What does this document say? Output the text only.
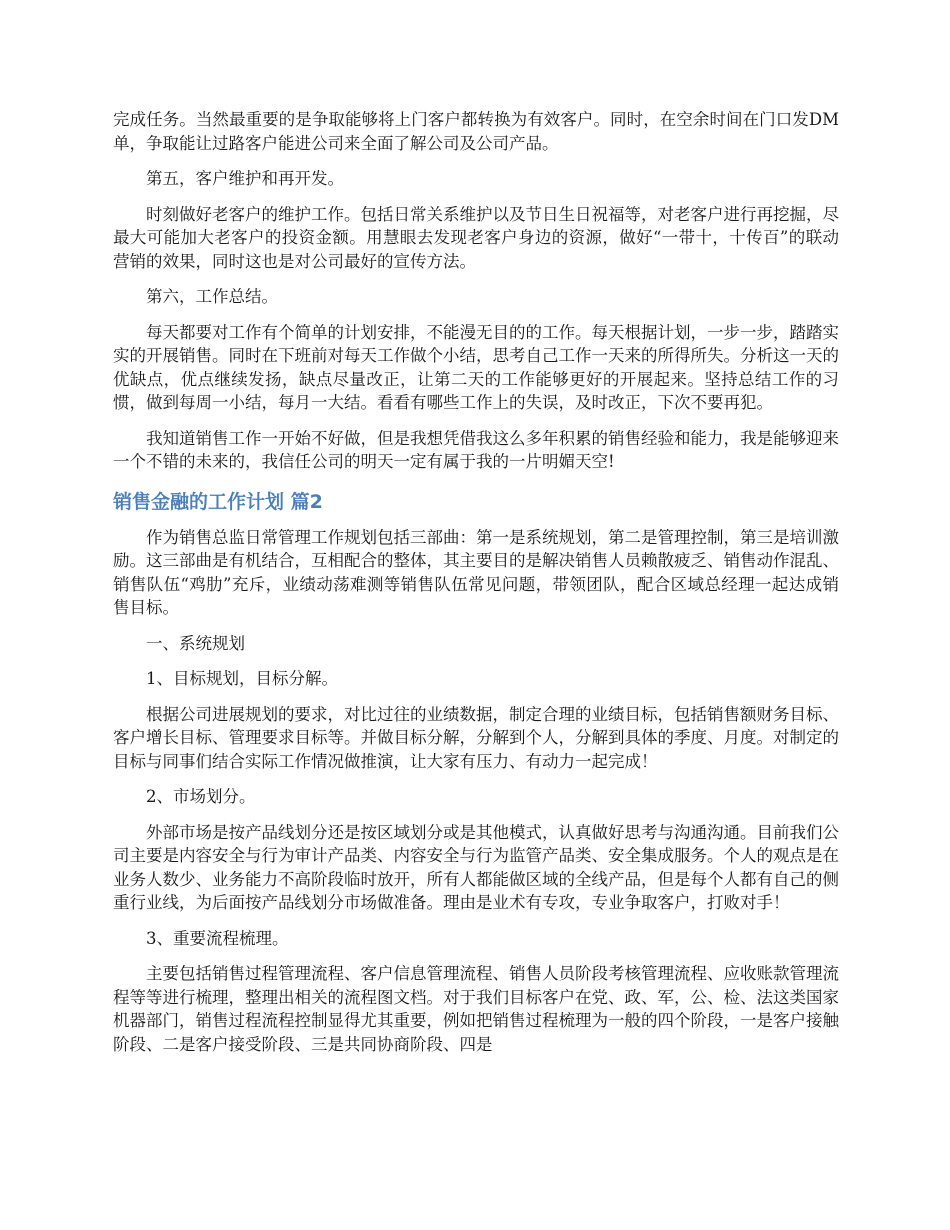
完成任务。当然最重要的是争取能够将上门客户都转换为有效客户。同时，在空余时间在门口发DM单，争取能让过路客户能进公司来全面了解公司及公司产品。

第五，客户维护和再开发。

时刻做好老客户的维护工作。包括日常关系维护以及节日生日祝福等，对老客户进行再挖掘，尽最大可能加大老客户的投资金额。用慧眼去发现老客户身边的资源，做好“一带十，十传百”的联动营销的效果，同时这也是对公司最好的宣传方法。

第六，工作总结。

每天都要对工作有个简单的计划安排，不能漫无目的的工作。每天根据计划，一步一步，踏踏实实的开展销售。同时在下班前对每天工作做个小结，思考自己工作一天来的所得所失。分析这一天的优缺点，优点继续发扬，缺点尽量改正，让第二天的工作能够更好的开展起来。坚持总结工作的习惯，做到每周一小结，每月一大结。看看有哪些工作上的失误，及时改正，下次不要再犯。

我知道销售工作一开始不好做，但是我想凭借我这么多年积累的销售经验和能力，我是能够迎来一个不错的未来的，我信任公司的明天一定有属于我的一片明媚天空!

销售金融的工作计划 篇2

作为销售总监日常管理工作规划包括三部曲：第一是系统规划，第二是管理控制，第三是培训激励。这三部曲是有机结合，互相配合的整体，其主要目的是解决销售人员赖散疲乏、销售动作混乱、销售队伍“鸡肋”充斥，业绩动荡难测等销售队伍常见问题，带领团队，配合区域总经理一起达成销售目标。

一、系统规划

1、目标规划，目标分解。

根据公司进展规划的要求，对比过往的业绩数据，制定合理的业绩目标，包括销售额财务目标、客户增长目标、管理要求目标等。并做目标分解，分解到个人，分解到具体的季度、月度。对制定的目标与同事们结合实际工作情况做推演，让大家有压力、有动力一起完成！

2、市场划分。

外部市场是按产品线划分还是按区域划分或是其他模式，认真做好思考与沟通沟通。目前我们公司主要是内容安全与行为审计产品类、内容安全与行为监管产品类、安全集成服务。个人的观点是在业务人数少、业务能力不高阶段临时放开，所有人都能做区域的全线产品，但是每个人都有自己的侧重行业线，为后面按产品线划分市场做准备。理由是业术有专攻，专业争取客户，打败对手！

3、重要流程梳理。

主要包括销售过程管理流程、客户信息管理流程、销售人员阶段考核管理流程、应收账款管理流程等等进行梳理，整理出相关的流程图文档。对于我们目标客户在党、政、军，公、检、法这类国家机器部门，销售过程流程控制显得尤其重要，例如把销售过程梳理为一般的四个阶段，一是客户接触阶段、二是客户接受阶段、三是共同协商阶段、四是
